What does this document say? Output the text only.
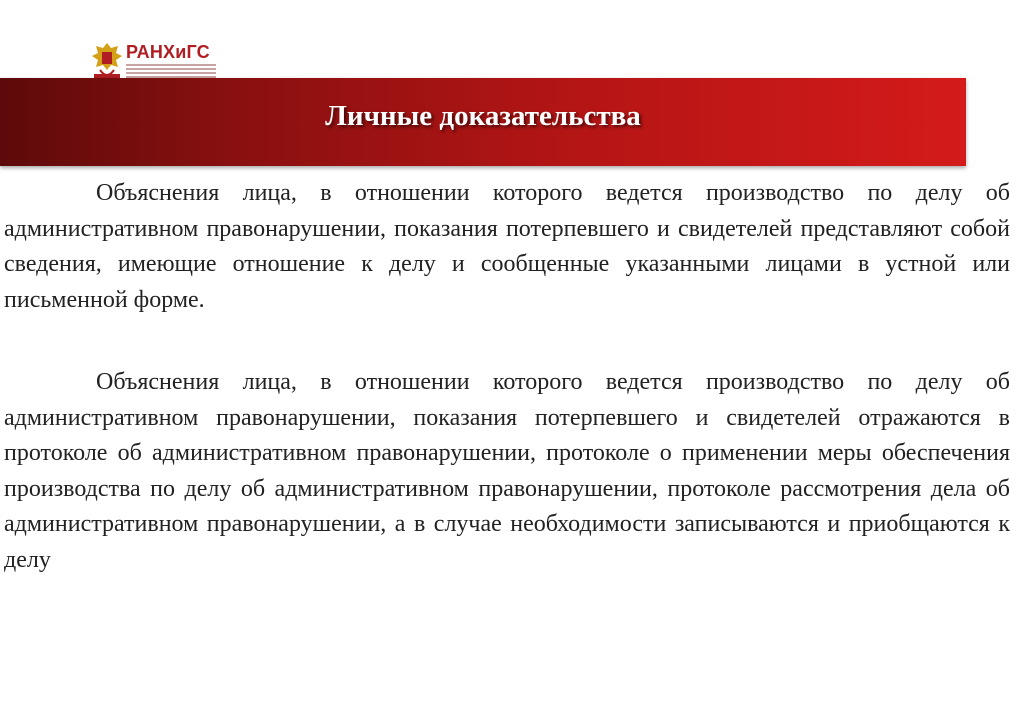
РАНХиГС
Личные доказательства
Объяснения лица, в отношении которого ведется производство по делу об административном правонарушении, показания потерпевшего и свидетелей представляют собой сведения, имеющие отношение к делу и сообщенные указанными лицами в устной или письменной форме.
Объяснения лица, в отношении которого ведется производство по делу об административном правонарушении, показания потерпевшего и свидетелей отражаются в протоколе об административном правонарушении, протоколе о применении меры обеспечения производства по делу об административном правонарушении, протоколе рассмотрения дела об административном правонарушении, а в случае необходимости записываются и приобщаются к делу
